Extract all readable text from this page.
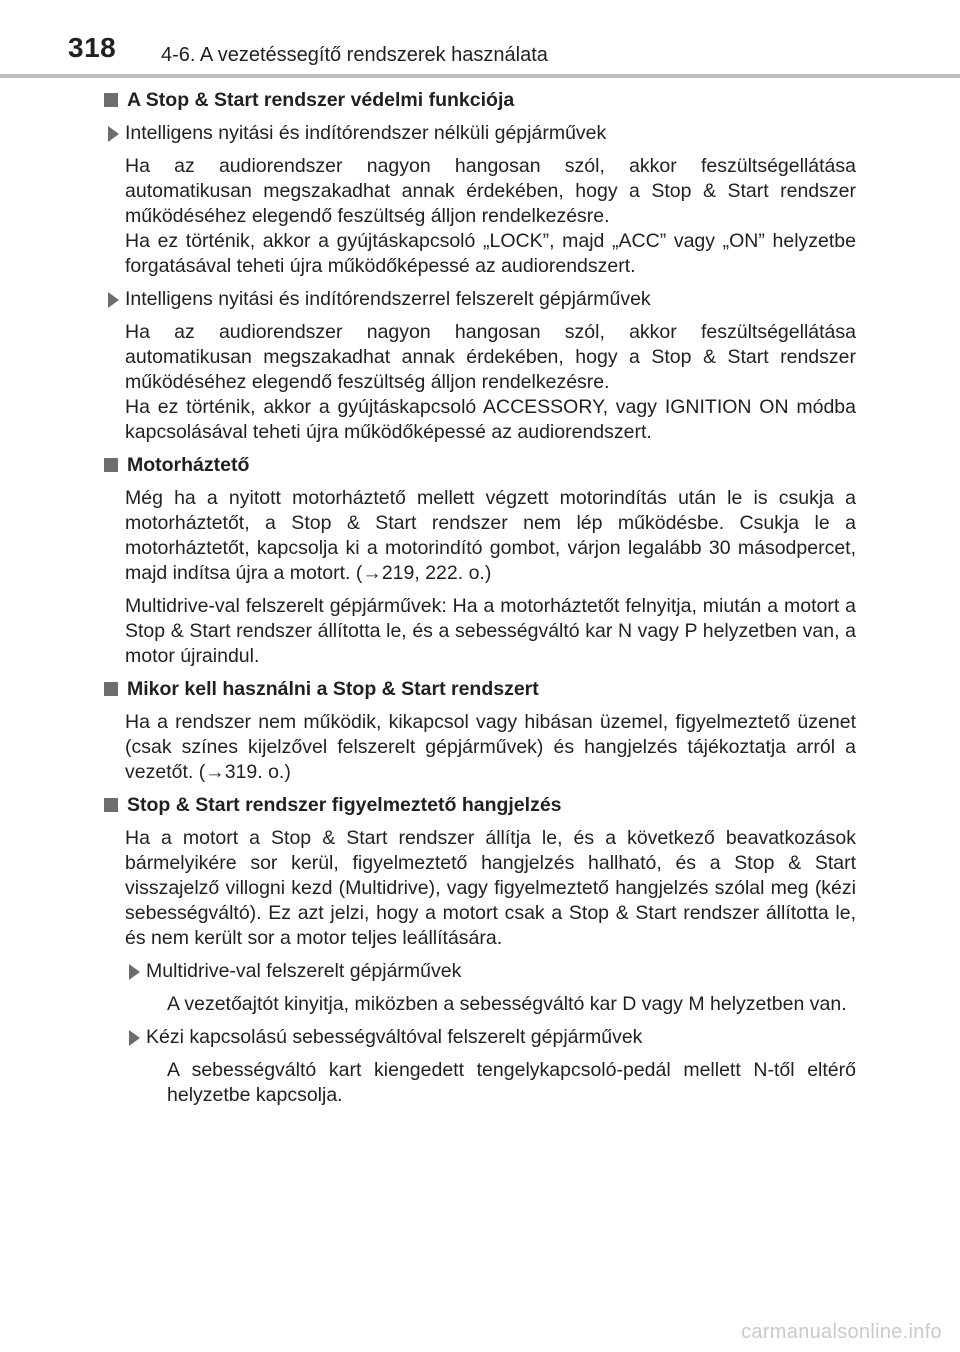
318 4-6. A vezetéssegítő rendszerek használata
A Stop & Start rendszer védelmi funkciója
Intelligens nyitási és indítórendszer nélküli gépjárművek
Ha az audiorendszer nagyon hangosan szól, akkor feszültségellátása automatikusan megszakadhat annak érdekében, hogy a Stop & Start rendszer működéséhez elegendő feszültség álljon rendelkezésre.
Ha ez történik, akkor a gyújtáskapcsoló „LOCK”, majd „ACC” vagy „ON” helyzetbe forgatásával teheti újra működőképessé az audiorendszert.
Intelligens nyitási és indítórendszerrel felszerelt gépjárművek
Ha az audiorendszer nagyon hangosan szól, akkor feszültségellátása automatikusan megszakadhat annak érdekében, hogy a Stop & Start rendszer működéséhez elegendő feszültség álljon rendelkezésre.
Ha ez történik, akkor a gyújtáskapcsoló ACCESSORY, vagy IGNITION ON módba kapcsolásával teheti újra működőképessé az audiorendszert.
Motorháztető
Még ha a nyitott motorháztető mellett végzett motorindítás után le is csukja a motorháztetőt, a Stop & Start rendszer nem lép működésbe. Csukja le a motorháztetőt, kapcsolja ki a motorindító gombot, várjon legalább 30 másodpercet, majd indítsa újra a motort. (→219, 222. o.)
Multidrive-val felszerelt gépjárművek: Ha a motorháztetőt felnyitja, miután a motort a Stop & Start rendszer állította le, és a sebességváltó kar N vagy P helyzetben van, a motor újraindul.
Mikor kell használni a Stop & Start rendszert
Ha a rendszer nem működik, kikapcsol vagy hibásan üzemel, figyelmeztető üzenet (csak színes kijelzővel felszerelt gépjárművek) és hangjelzés tájékoztatja arról a vezetőt. (→319. o.)
Stop & Start rendszer figyelmeztető hangjelzés
Ha a motort a Stop & Start rendszer állítja le, és a következő beavatkozások bármelyikére sor kerül, figyelmeztető hangjelzés hallható, és a Stop & Start visszajelző villogni kezd (Multidrive), vagy figyelmeztető hangjelzés szólal meg (kézi sebességváltó). Ez azt jelzi, hogy a motort csak a Stop & Start rendszer állította le, és nem került sor a motor teljes leállítására.
Multidrive-val felszerelt gépjárművek
A vezetőajtót kinyitja, miközben a sebességváltó kar D vagy M helyzetben van.
Kézi kapcsolású sebességváltóval felszerelt gépjárművek
A sebességváltó kart kiengedett tengelykapcsoló-pedál mellett N-től eltérő helyzetbe kapcsolja.
carmanualsonline.info
